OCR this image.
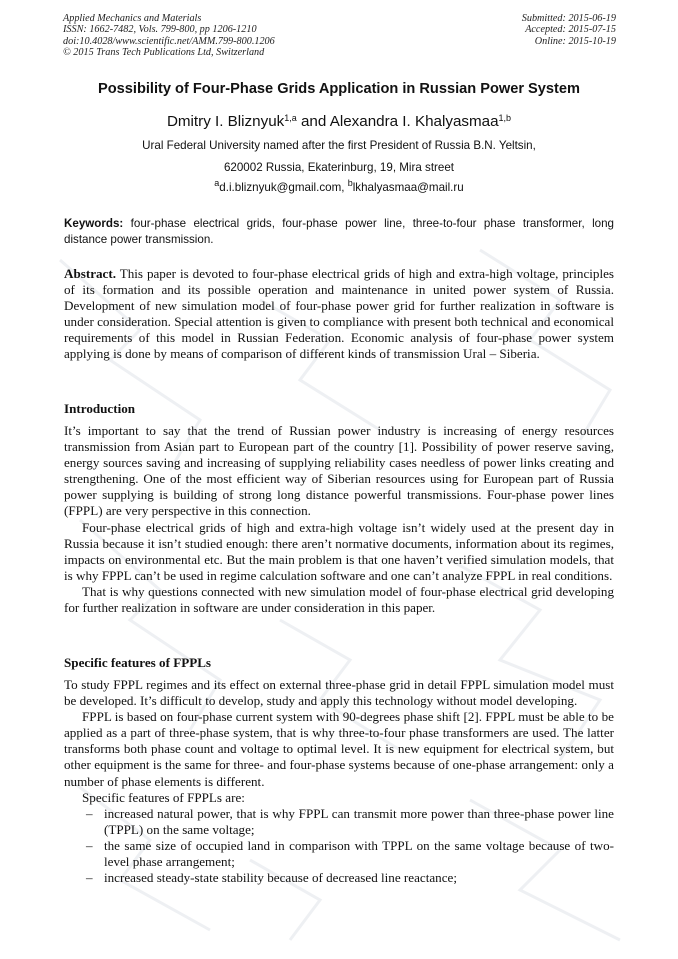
Applied Mechanics and Materials
ISSN: 1662-7482, Vols. 799-800, pp 1206-1210
doi:10.4028/www.scientific.net/AMM.799-800.1206
© 2015 Trans Tech Publications Ltd, Switzerland
Submitted: 2015-06-19
Accepted: 2015-07-15
Online: 2015-10-19
Possibility of Four-Phase Grids Application in Russian Power System
Dmitry I. Bliznyuk$^{1,a}$ and Alexandra I. Khalyasmaa$^{1,b}$
Ural Federal University named after the first President of Russia B.N. Yeltsin,
620002 Russia, Ekaterinburg, 19, Mira street
$^a$d.i.bliznyuk@gmail.com, $^b$lkhalyasmaa@mail.ru
Keywords: four-phase electrical grids, four-phase power line, three-to-four phase transformer, long distance power transmission.
Abstract. This paper is devoted to four-phase electrical grids of high and extra-high voltage, principles of its formation and its possible operation and maintenance in united power system of Russia. Development of new simulation model of four-phase power grid for further realization in software is under consideration. Special attention is given to compliance with present both technical and economical requirements of this model in Russian Federation. Economic analysis of four-phase power system applying is done by means of comparison of different kinds of transmission Ural – Siberia.
Introduction

It’s important to say that the trend of Russian power industry is increasing of energy resources transmission from Asian part to European part of the country [1]. Possibility of power reserve saving, energy sources saving and increasing of supplying reliability cases needless of power links creating and strengthening. One of the most efficient way of Siberian resources using for European part of Russia power supplying is building of strong long distance powerful transmissions. Four-phase power lines (FPPL) are very perspective in this connection.

Four-phase electrical grids of high and extra-high voltage isn’t widely used at the present day in Russia because it isn’t studied enough: there aren’t normative documents, information about its regimes, impacts on environmental etc. But the main problem is that one haven’t verified simulation models, that is why FPPL can’t be used in regime calculation software and one can’t analyze FPPL in real conditions.

That is why questions connected with new simulation model of four-phase electrical grid developing for further realization in software are under consideration in this paper.

Specific features of FPPLs

To study FPPL regimes and its effect on external three-phase grid in detail FPPL simulation model must be developed. It’s difficult to develop, study and apply this technology without model developing.

FPPL is based on four-phase current system with 90-degrees phase shift [2]. FPPL must be able to be applied as a part of three-phase system, that is why three-to-four phase transformers are used. The latter transforms both phase count and voltage to optimal level. It is new equipment for electrical system, but other equipment is the same for three- and four-phase systems because of one-phase arrangement: only a number of phase elements is different.

Specific features of FPPLs are:

– increased natural power, that is why FPPL can transmit more power than three-phase power line (TPPL) on the same voltage;
– the same size of occupied land in comparison with TPPL on the same voltage because of two-level phase arrangement;
– increased steady-state stability because of decreased line reactance;
